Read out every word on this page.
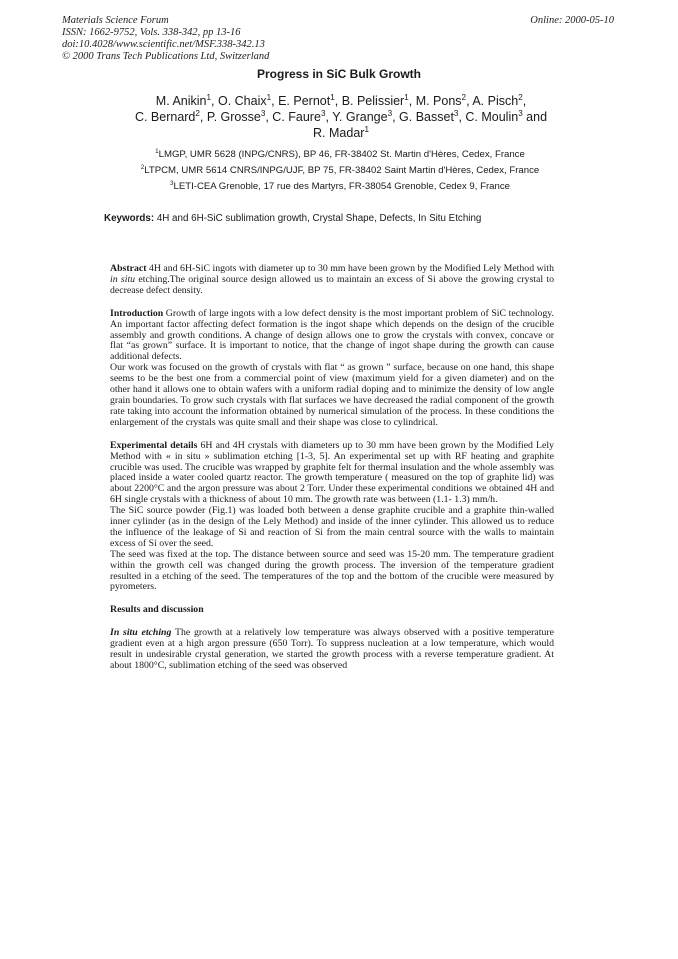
Materials Science Forum
ISSN: 1662-9752, Vols. 338-342, pp 13-16
doi:10.4028/www.scientific.net/MSF.338-342.13
© 2000 Trans Tech Publications Ltd, Switzerland
Online: 2000-05-10
Progress in SiC Bulk Growth
M. Anikin$^1$, O. Chaix$^1$, E. Pernot$^1$, B. Pelissier$^1$, M. Pons$^2$, A. Pisch$^2$,
C. Bernard$^2$, P. Grosse$^3$, C. Faure$^3$, Y. Grange$^3$, G. Basset$^3$, C. Moulin$^3$ and
R. Madar$^1$
$^1$LMGP, UMR 5628 (INPG/CNRS), BP 46, FR-38402 St. Martin d'Hères, Cedex, France
$^2$LTPCM, UMR 5614 CNRS/INPG/UJF, BP 75, FR-38402 Saint Martin d'Hères, Cedex, France
$^3$LETI-CEA Grenoble, 17 rue des Martyrs, FR-38054 Grenoble, Cedex 9, France
Keywords: 4H and 6H-SiC sublimation growth, Crystal Shape, Defects, In Situ Etching

Abstract 4H and 6H-SiC ingots with diameter up to 30 mm have been grown by the Modified Lely Method with in situ etching.The original source design allowed us to maintain an excess of Si above the growing crystal to decrease defect density.

Introduction Growth of large ingots with a low defect density is the most important problem of SiC technology. An important factor affecting defect formation is the ingot shape which depends on the design of the crucible assembly and growth conditions. A change of design allows one to grow the crystals with convex, concave or flat “as grown” surface. It is important to notice, that the change of ingot shape during the growth can cause additional defects.

Our work was focused on the growth of crystals with flat “ as grown ” surface, because on one hand, this shape seems to be the best one from a commercial point of view (maximum yield for a given diameter) and on the other hand it allows one to obtain wafers with a uniform radial doping and to minimize the density of low angle grain boundaries. To grow such crystals with flat surfaces we have decreased the radial component of the growth rate taking into account the information obtained by numerical simulation of the process. In these conditions the enlargement of the crystals was quite small and their shape was close to cylindrical.

Experimental details 6H and 4H crystals with diameters up to 30 mm have been grown by the Modified Lely Method with « in situ » sublimation etching [1-3, 5]. An experimental set up with RF heating and graphite crucible was used. The crucible was wrapped by graphite felt for thermal insulation and the whole assembly was placed inside a water cooled quartz reactor. The growth temperature ( measured on the top of graphite lid) was about 2200°C and the argon pressure was about 2 Torr. Under these experimental conditions we obtained 4H and 6H single crystals with a thickness of about 10 mm. The growth rate was between (1.1- 1.3) mm/h.

The SiC source powder (Fig.1) was loaded both between a dense graphite crucible and a graphite thin-walled inner cylinder (as in the design of the Lely Method) and inside of the inner cylinder. This allowed us to reduce the influence of the leakage of Si and reaction of Si from the main central source with the walls to maintain excess of Si over the seed.

The seed was fixed at the top. The distance between source and seed was 15-20 mm. The temperature gradient within the growth cell was changed during the growth process. The inversion of the temperature gradient resulted in a etching of the seed. The temperatures of the top and the bottom of the crucible were measured by pyrometers.

Results and discussion

In situ etching The growth at a relatively low temperature was always observed with a positive temperature gradient even at a high argon pressure (650 Torr). To suppress nucleation at a low temperature, which would result in undesirable crystal generation, we started the growth process with a reverse temperature gradient. At about 1800°C, sublimation etching of the seed was observed
